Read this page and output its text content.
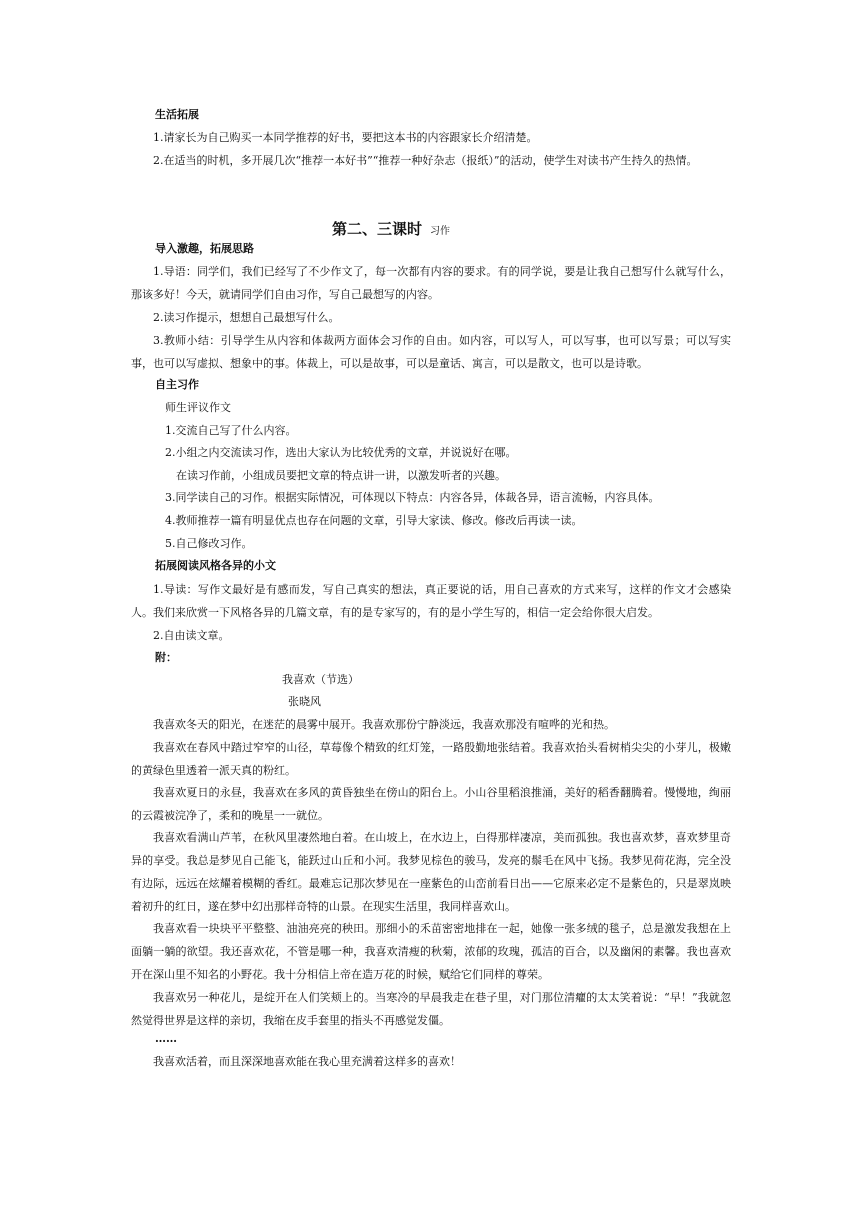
生活拓展
1.请家长为自己购买一本同学推荐的好书，要把这本书的内容跟家长介绍清楚。
2.在适当的时机，多开展几次“推荐一本好书”“推荐一种好杂志（报纸）”的活动，使学生对读书产生持久的热情。
第二、三课时 习作
导入激趣，拓展思路
1.导语：同学们，我们已经写了不少作文了，每一次都有内容的要求。有的同学说，要是让我自己想写什么就写什么，那该多好！今天，就请同学们自由习作，写自己最想写的内容。
2.读习作提示，想想自己最想写什么。
3.教师小结：引导学生从内容和体裁两方面体会习作的自由。如内容，可以写人，可以写事，也可以写景；可以写实事，也可以写虚拟、想象中的事。体裁上，可以是故事，可以是童话、寓言，可以是散文，也可以是诗歌。
自主习作
师生评议作文
1.交流自己写了什么内容。
2.小组之内交流读习作，选出大家认为比较优秀的文章，并说说好在哪。
在读习作前，小组成员要把文章的特点讲一讲，以激发听者的兴趣。
3.同学读自己的习作。根据实际情况，可体现以下特点：内容各异，体裁各异，语言流畅，内容具体。
4.教师推荐一篇有明显优点也存在问题的文章，引导大家读、修改。修改后再读一读。
5.自己修改习作。
拓展阅读风格各异的小文
1.导读：写作文最好是有感而发，写自己真实的想法，真正要说的话，用自己喜欢的方式来写，这样的作文才会感染人。我们来欣赏一下风格各异的几篇文章，有的是专家写的，有的是小学生写的，相信一定会给你很大启发。
2.自由读文章。
附：
我喜欢（节选）
张晓风
我喜欢冬天的阳光，在迷茫的晨雾中展开。我喜欢那份宁静淡远，我喜欢那没有喧哗的光和热。
我喜欢在春风中踏过窄窄的山径，草莓像个精致的红灯笼，一路殷勤地张结着。我喜欢抬头看树梢尖尖的小芽儿，极嫩的黄绿色里透着一派天真的粉红。
我喜欢夏日的永昼，我喜欢在多风的黄昏独坐在傍山的阳台上。小山谷里稻浪推涌，美好的稻香翻腾着。慢慢地，绚丽的云霞被浣净了，柔和的晚星一一就位。
我喜欢看满山芦苇，在秋风里凄然地白着。在山坡上，在水边上，白得那样凄凉，美而孤独。我也喜欢梦，喜欢梦里奇异的享受。我总是梦见自己能飞，能跃过山丘和小河。我梦见棕色的骏马，发亮的鬃毛在风中飞扬。我梦见荷花海，完全没有边际，远远在炫耀着模糊的香红。最难忘记那次梦见在一座紫色的山峦前看日出——它原来必定不是紫色的，只是翠岚映着初升的红日，遂在梦中幻出那样奇特的山景。在现实生活里，我同样喜欢山。
我喜欢看一块块平平整整、油油亮亮的秧田。那细小的禾苗密密地排在一起，她像一张多绒的毯子，总是激发我想在上面躺一躺的欲望。我还喜欢花，不管是哪一种，我喜欢清瘦的秋菊，浓郁的玫瑰，孤洁的百合，以及幽闲的素馨。我也喜欢开在深山里不知名的小野花。我十分相信上帝在造万花的时候，赋给它们同样的尊荣。
我喜欢另一种花儿，是绽开在人们笑颊上的。当寒冷的早晨我走在巷子里，对门那位清癯的太太笑着说：“早！”我就忽然觉得世界是这样的亲切，我缩在皮手套里的指头不再感觉发僵。
……
我喜欢活着，而且深深地喜欢能在我心里充满着这样多的喜欢！
